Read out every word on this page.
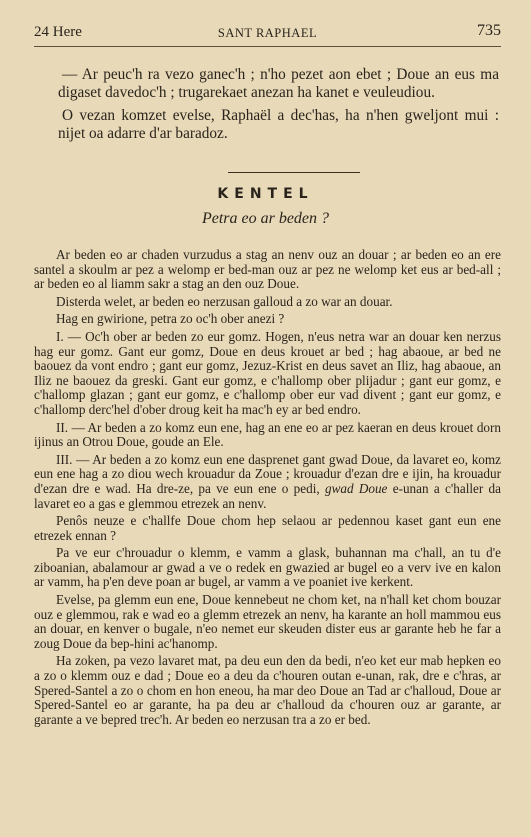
24 Here	SANT RAPHAEL	735

— Ar peuc'h ra vezo ganec'h ; n'ho pezet aon ebet ; Doue an eus ma digaset davedoc'h ; trugarekaet anezan ha kanet e veuleudiou.

O vezan komzet evelse, Raphaël a dec'has, ha n'hen gweljont mui : nijet oa adarre d'ar baradoz.

KENTEL
Petra eo ar beden ?

Ar beden eo ar chaden vurzudus a stag an nenv ouz an douar ; ar beden eo an ere santel a skoulm ar pez a welomp er bed-man ouz ar pez ne welomp ket eus ar bed-all ; ar beden eo al liamm sakr a stag an den ouz Doue.

Disterda welet, ar beden eo nerzusan galloud a zo war an douar.

Hag en gwirione, petra zo oc'h ober anezi ?

I. — Oc'h ober ar beden zo eur gomz. Hogen, n'eus netra war an douar ken nerzus hag eur gomz. Gant eur gomz, Doue en deus krouet ar bed ; hag abaoue, ar bed ne baouez da vont endro ; gant eur gomz, Jezuz-Krist en deus savet an Iliz, hag abaoue, an Iliz ne baouez da greski. Gant eur gomz, e c'hallomp ober plijadur ; gant eur gomz, e c'hallomp glazan ; gant eur gomz, e c'hallomp ober eur vad divent ; gant eur gomz, e c'hallomp derc'hel d'ober droug keit ha mac'h ey ar bed endro.

II. — Ar beden a zo komz eun ene, hag an ene eo ar pez kaeran en deus krouet dorn ijinus an Otrou Doue, goude an Ele.

III. — Ar beden a zo komz eun ene dasprenet gant gwad Doue, da lavaret eo, komz eun ene hag a zo diou wech krouadur da Zoue ; krouadur d'ezan dre e ijin, ha krouadur d'ezan dre e wad. Ha dre-ze, pa ve eun ene o pedi, gwad Doue e-unan a c'haller da lavaret eo a gas e glemmou etrezek an nenv.

Penôs neuze e c'hallfe Doue chom hep selaou ar pedennou kaset gant eun ene etrezek ennan ?

Pa ve eur c'hrouadur o klemm, e vamm a glask, buhannan ma c'hall, an tu d'e ziboanian, abalamour ar gwad a ve o redek en gwazied ar bugel eo a verv ive en kalon ar vamm, ha p'en deve poan ar bugel, ar vamm a ve poaniet ive kerkent.

Evelse, pa glemm eun ene, Doue kennebeut ne chom ket, na n'hall ket chom bouzar ouz e glemmou, rak e wad eo a glemm etrezek an nenv, ha karante an holl mammou eus an douar, en kenver o bugale, n'eo nemet eur skeuden dister eus ar garante heb he far a zoug Doue da bep-hini ac'hanomp.

Ha zoken, pa vezo lavaret mat, pa deu eun den da bedi, n'eo ket eur mab hepken eo a zo o klemm ouz e dad ; Doue eo a deu da c'houren outan e-unan, rak, dre e c'hras, ar Spered-Santel a zo o chom en hon eneou, ha mar deo Doue an Tad ar c'halloud, Doue ar Spered-Santel eo ar garante, ha pa deu ar c'halloud da c'houren ouz ar garante, ar garante a ve bepred trec'h. Ar beden eo nerzusan tra a zo er bed.
